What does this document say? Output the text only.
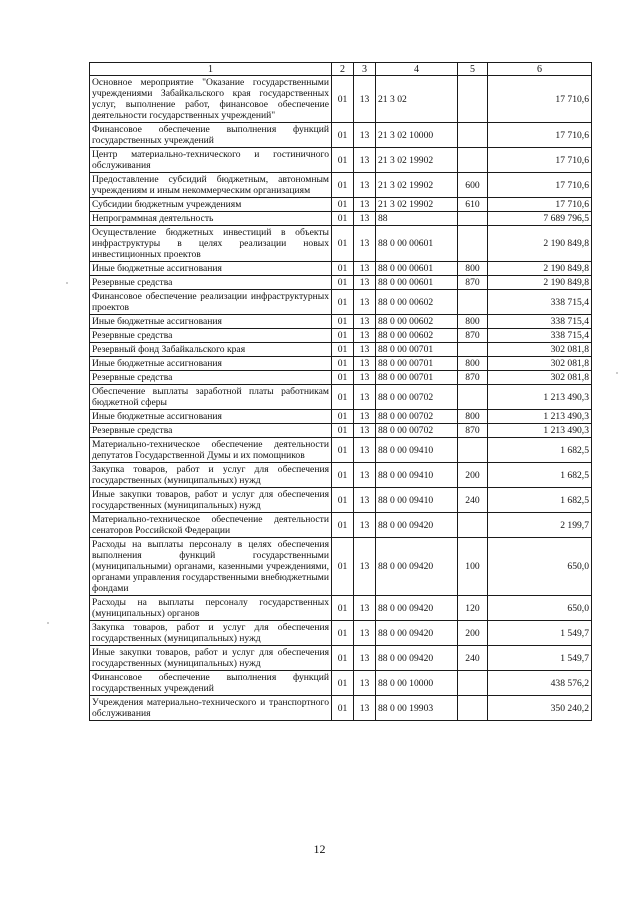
1	2	3	4	5	6
Основное мероприятие "Оказание государственными учреждениями Забайкальского края государственных услуг, выполнение работ, финансовое обеспечение деятельности государственных учреждений"	01	13	21 3 02		17 710,6
Финансовое обеспечение выполнения функций государственных учреждений	01	13	21 3 02 10000		17 710,6
Центр материально-технического и гостиничного обслуживания	01	13	21 3 02 19902		17 710,6
Предоставление субсидий бюджетным, автономным учреждениям и иным некоммерческим организациям	01	13	21 3 02 19902	600	17 710,6
Субсидии бюджетным учреждениям	01	13	21 3 02 19902	610	17 710,6
Непрограммная деятельность	01	13	88		7 689 796,5
Осуществление бюджетных инвестиций в объекты инфраструктуры в целях реализации новых инвестиционных проектов	01	13	88 0 00 00601		2 190 849,8
Иные бюджетные ассигнования	01	13	88 0 00 00601	800	2 190 849,8
Резервные средства	01	13	88 0 00 00601	870	2 190 849,8
Финансовое обеспечение реализации инфраструктурных проектов	01	13	88 0 00 00602		338 715,4
Иные бюджетные ассигнования	01	13	88 0 00 00602	800	338 715,4
Резервные средства	01	13	88 0 00 00602	870	338 715,4
Резервный фонд Забайкальского края	01	13	88 0 00 00701		302 081,8
Иные бюджетные ассигнования	01	13	88 0 00 00701	800	302 081,8
Резервные средства	01	13	88 0 00 00701	870	302 081,8
Обеспечение выплаты заработной платы работникам бюджетной сферы	01	13	88 0 00 00702		1 213 490,3
Иные бюджетные ассигнования	01	13	88 0 00 00702	800	1 213 490,3
Резервные средства	01	13	88 0 00 00702	870	1 213 490,3
Материально-техническое обеспечение деятельности депутатов Государственной Думы и их помощников	01	13	88 0 00 09410		1 682,5
Закупка товаров, работ и услуг для обеспечения государственных (муниципальных) нужд	01	13	88 0 00 09410	200	1 682,5
Иные закупки товаров, работ и услуг для обеспечения государственных (муниципальных) нужд	01	13	88 0 00 09410	240	1 682,5
Материально-техническое обеспечение деятельности сенаторов Российской Федерации	01	13	88 0 00 09420		2 199,7
Расходы на выплаты персоналу в целях обеспечения выполнения функций государственными (муниципальными) органами, казенными учреждениями, органами управления государственными внебюджетными фондами	01	13	88 0 00 09420	100	650,0
Расходы на выплаты персоналу государственных (муниципальных) органов	01	13	88 0 00 09420	120	650,0
Закупка товаров, работ и услуг для обеспечения государственных (муниципальных) нужд	01	13	88 0 00 09420	200	1 549,7
Иные закупки товаров, работ и услуг для обеспечения государственных (муниципальных) нужд	01	13	88 0 00 09420	240	1 549,7
Финансовое обеспечение выполнения функций государственных учреждений	01	13	88 0 00 10000		438 576,2
Учреждения материально-технического и транспортного обслуживания	01	13	88 0 00 19903		350 240,2
12
